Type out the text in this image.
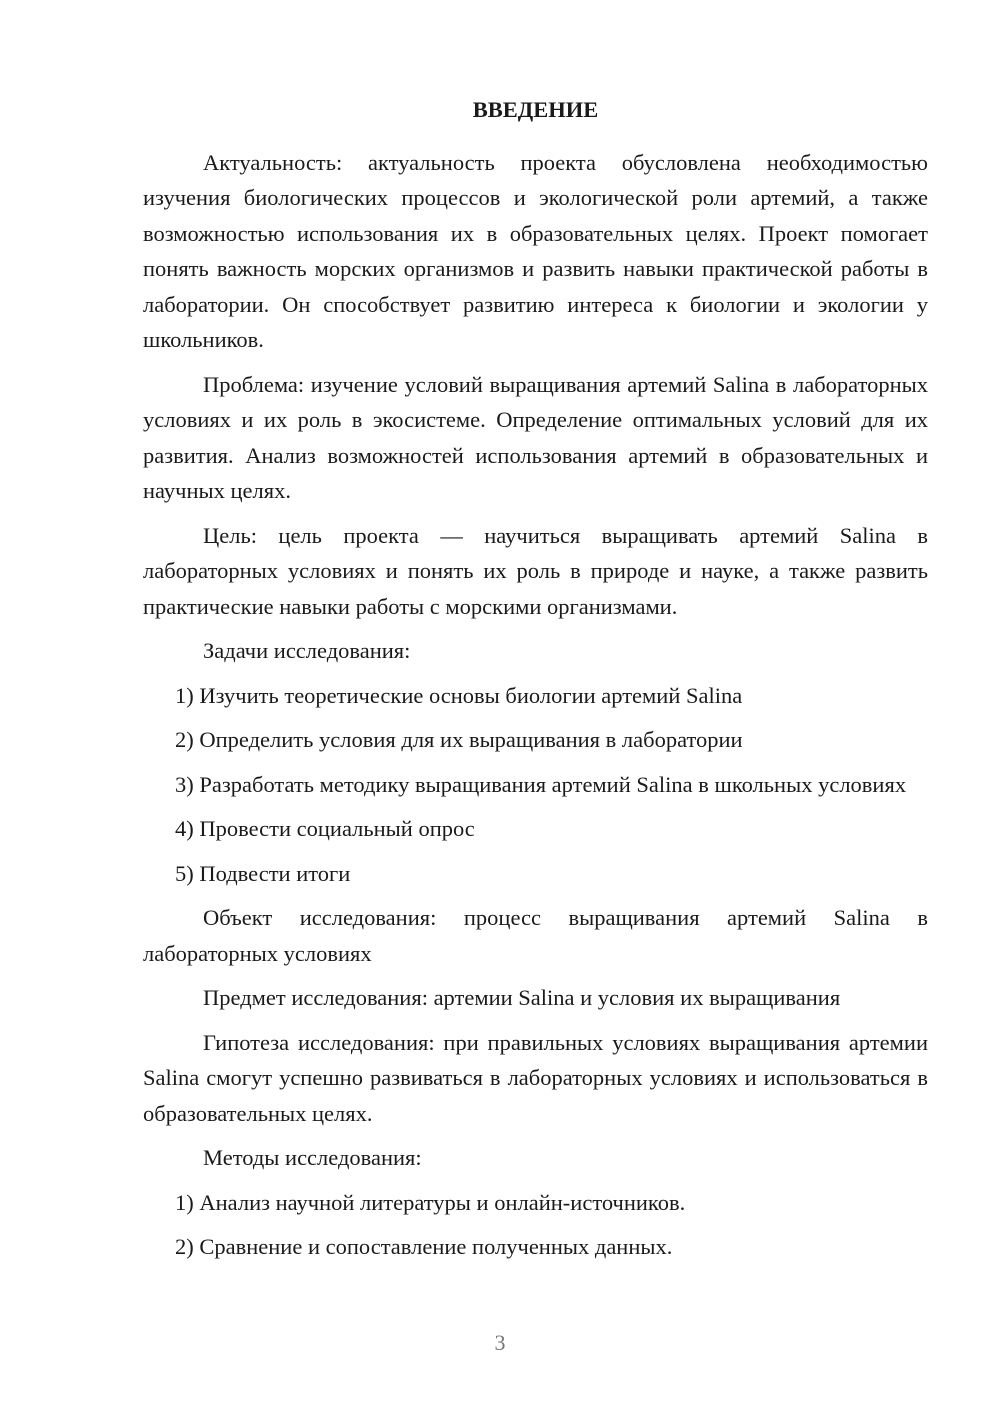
ВВЕДЕНИЕ

Актуальность: актуальность проекта обусловлена необходимостью изучения биологических процессов и экологической роли артемий, а также возможностью использования их в образовательных целях. Проект помогает понять важность морских организмов и развить навыки практической работы в лаборатории. Он способствует развитию интереса к биологии и экологии у школьников.

Проблема: изучение условий выращивания артемий Salina в лабораторных условиях и их роль в экосистеме. Определение оптимальных условий для их развития. Анализ возможностей использования артемий в образовательных и научных целях.

Цель: цель проекта — научиться выращивать артемий Salina в лабораторных условиях и понять их роль в природе и науке, а также развить практические навыки работы с морскими организмами.

Задачи исследования:

1) Изучить теоретические основы биологии артемий Salina

2) Определить условия для их выращивания в лаборатории

3) Разработать методику выращивания артемий Salina в школьных условиях

4) Провести социальный опрос

5) Подвести итоги

Объект исследования: процесс выращивания артемий Salina в лабораторных условиях

Предмет исследования: артемии Salina и условия их выращивания

Гипотеза исследования: при правильных условиях выращивания артемии Salina смогут успешно развиваться в лабораторных условиях и использоваться в образовательных целях.

Методы исследования:

1) Анализ научной литературы и онлайн-источников.

2) Сравнение и сопоставление полученных данных.

3
